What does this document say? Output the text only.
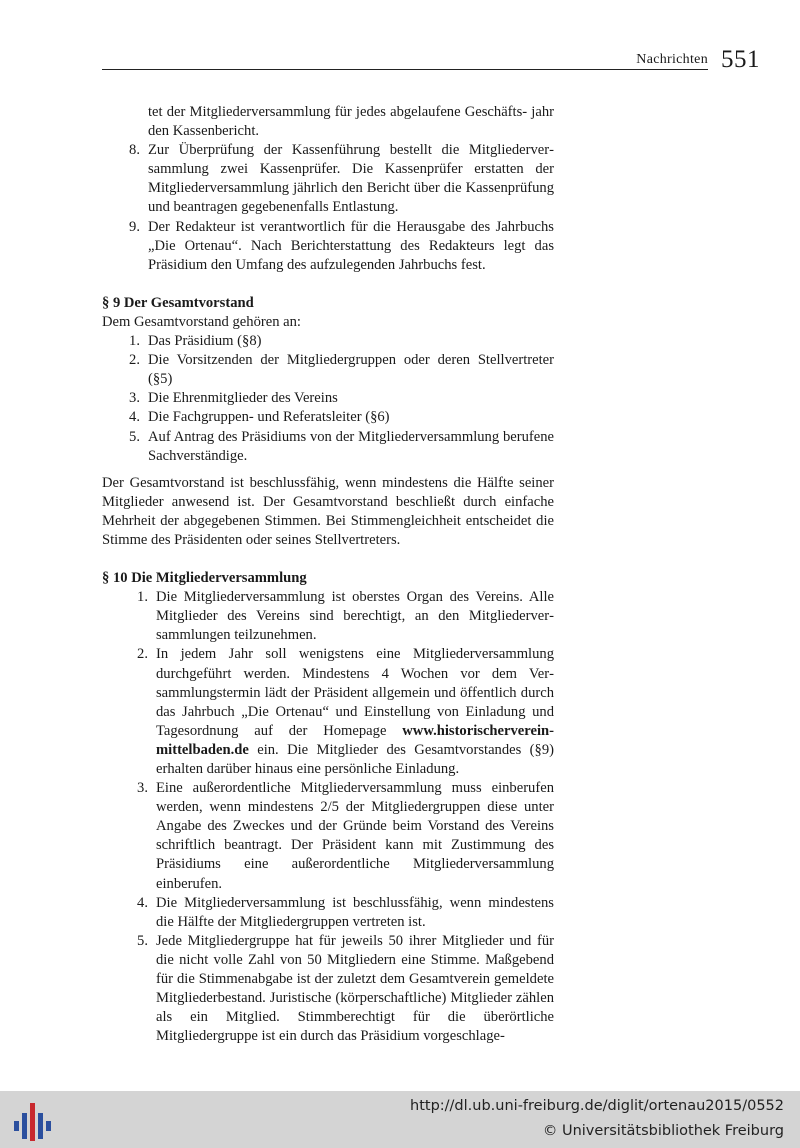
Nachrichten 551
tet der Mitgliederversammlung für jedes abgelaufene Geschäfts- jahr den Kassenbericht.

8. Zur Überprüfung der Kassenführung bestellt die Mitgliederversammlung zwei Kassenprüfer. Die Kassenprüfer erstatten der Mitgliederversammlung jährlich den Bericht über die Kassenprüfung und beantragen gegebenenfalls Entlastung.

9. Der Redakteur ist verantwortlich für die Herausgabe des Jahrbuchs „Die Ortenau“. Nach Berichterstattung des Redakteurs legt das Präsidium den Umfang des aufzulegenden Jahrbuchs fest.

§ 9 Der Gesamtvorstand
Dem Gesamtvorstand gehören an:

1. Das Präsidium (§8)

2. Die Vorsitzenden der Mitgliedergruppen oder deren Stellvertreter (§5)

3. Die Ehrenmitglieder des Vereins

4. Die Fachgruppen- und Referatsleiter (§6)

5. Auf Antrag des Präsidiums von der Mitgliederversammlung berufene Sachverständige.

Der Gesamtvorstand ist beschlussfähig, wenn mindestens die Hälfte seiner Mitglieder anwesend ist. Der Gesamtvorstand beschließt durch einfache Mehrheit der abgegebenen Stimmen. Bei Stimmengleichheit entscheidet die Stimme des Präsidenten oder seines Stellvertreters.
§ 10 Die Mitgliederversammlung

1. Die Mitgliederversammlung ist oberstes Organ des Vereins. Alle Mitglieder des Vereins sind berechtigt, an den Mitgliederversammlungen teilzunehmen.

2. In jedem Jahr soll wenigstens eine Mitgliederversammlung durchgeführt werden. Mindestens 4 Wochen vor dem Versammlungstermin lädt der Präsident allgemein und öffentlich durch das Jahrbuch „Die Ortenau“ und Einstellung von Einladung und Tagesordnung auf der Homepage www.historischerverein-mittelbaden.de ein. Die Mitglieder des Gesamtvorstandes (§9) erhalten darüber hinaus eine persönliche Einladung.

3. Eine außerordentliche Mitgliederversammlung muss einberufen werden, wenn mindestens 2/5 der Mitgliedergruppen diese unter Angabe des Zweckes und der Gründe beim Vorstand des Vereins schriftlich beantragt. Der Präsident kann mit Zustimmung des Präsidiums eine außerordentliche Mitgliederversammlung einberufen.

4. Die Mitgliederversammlung ist beschlussfähig, wenn mindestens die Hälfte der Mitgliedergruppen vertreten ist.

5. Jede Mitgliedergruppe hat für jeweils 50 ihrer Mitglieder und für die nicht volle Zahl von 50 Mitgliedern eine Stimme. Maßgebend für die Stimmenabgabe ist der zuletzt dem Gesamtverein gemeldete Mitgliederbestand. Juristische (körperschaftliche) Mitglieder zählen als ein Mitglied. Stimmberechtigt für die überörtliche Mitgliedergruppe ist ein durch das Präsidium vorgeschlage-

http://dl.ub.uni-freiburg.de/diglit/ortenau2015/0552
© Universitätsbibliothek Freiburg
